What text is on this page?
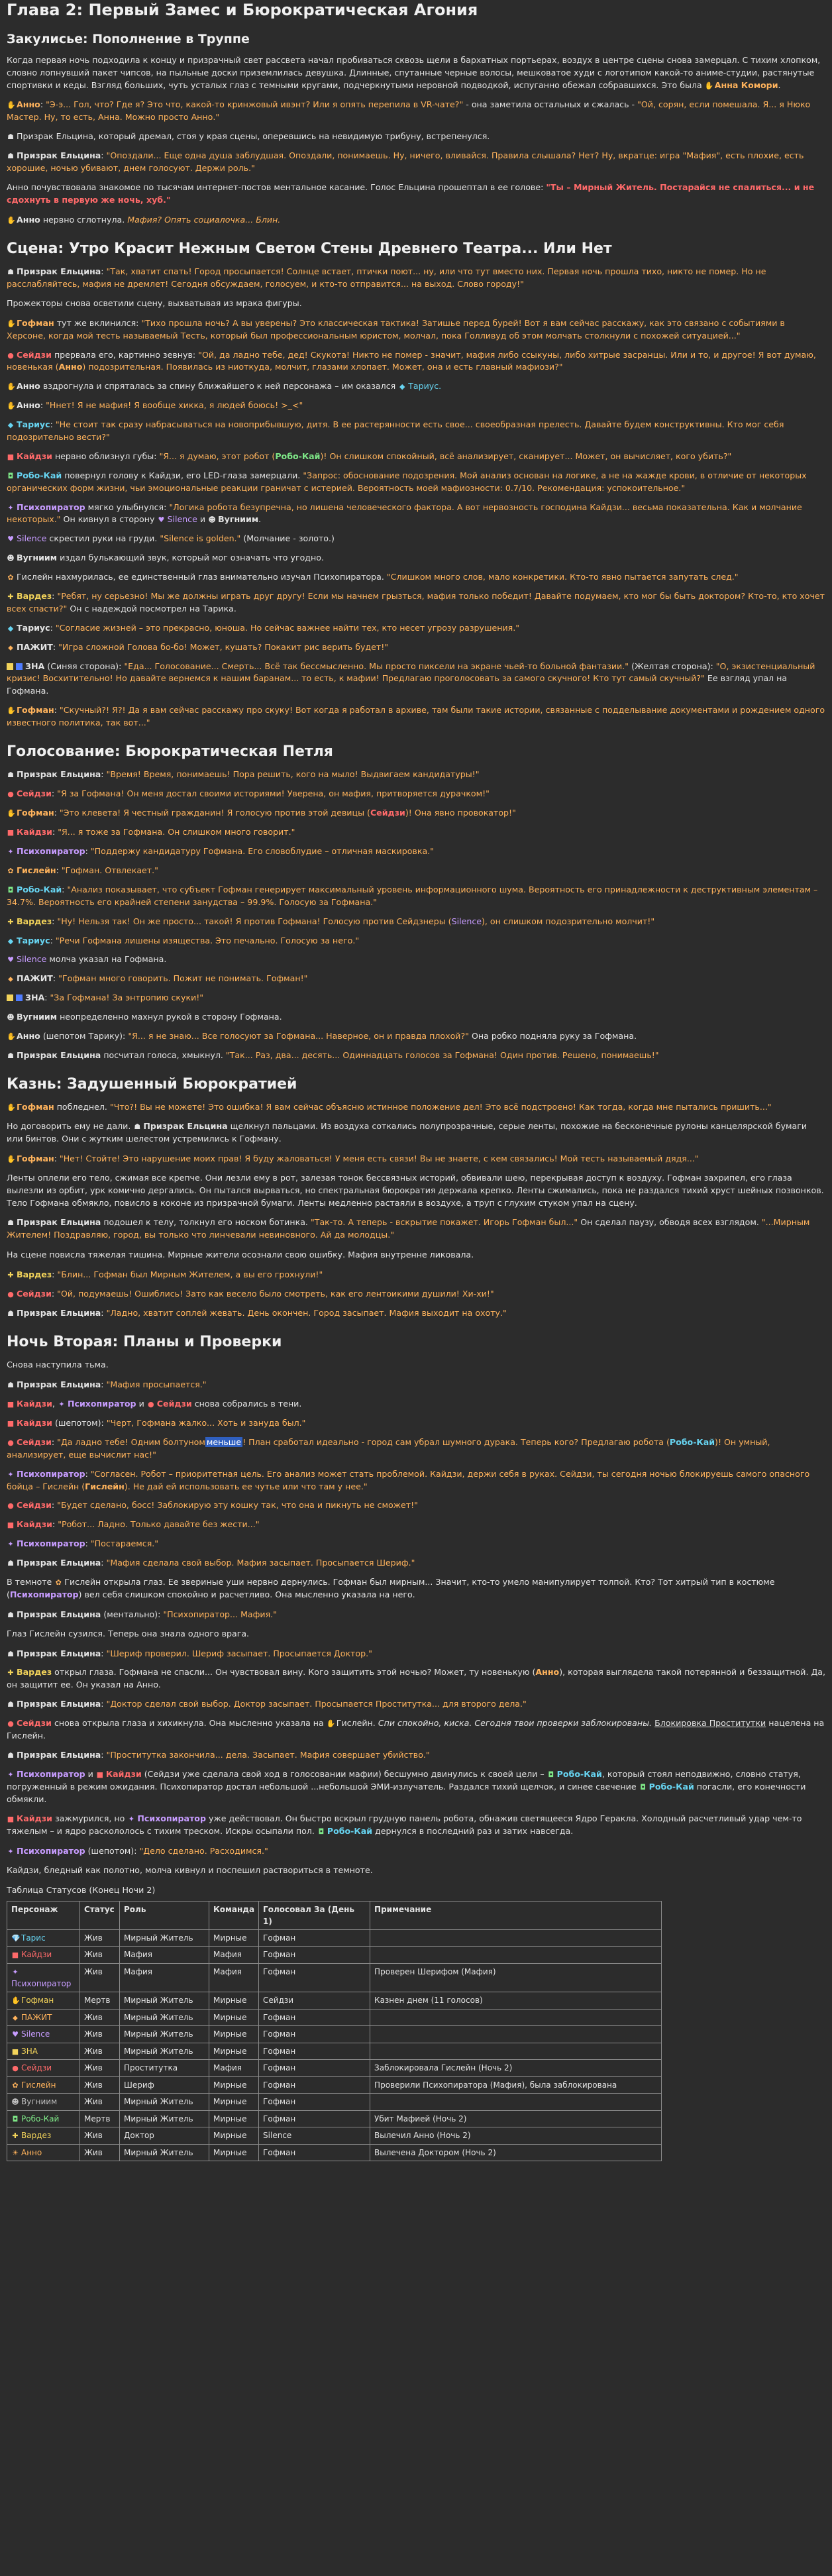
Глава 2: Первый Замес и Бюрократическая Агония
Закулисье: Пополнение в Труппе

Когда первая ночь подходила к концу и призрачный свет рассвета начал пробиваться сквозь щели в бархатных портьерах, воздух в центре сцены снова замерцал. С тихим хлопком, словно лопнувший пакет чипсов, на пыльные доски приземлилась девушка. Длинные, спутанные черные волосы, мешковатое худи с логотипом какой-то аниме-студии, растянутые спортивки и кеды. Взгляд больших, чуть усталых глаз с темными кругами, подчеркнутыми неровной подводкой, испуганно обежал собравшихся. Это была ✋Анна Комори.

✋Анно: "Э-э... Гол, что? Где я? Это что, какой-то кринжовый ивэнт? Или я опять перепила в VR-чате?" - она заметила остальных и сжалась - "Ой, сорян, если помешала. Я... я Нюко Мастер. Ну, то есть, Анна. Можно просто Анно."

☗ Призрак Ельцина, который дремал, стоя у края сцены, оперевшись на невидимую трибуну, встрепенулся.

☗ Призрак Ельцина: "Опоздали... Еще одна душа заблудшая. Опоздали, понимаешь. Ну, ничего, вливайся. Правила слышала? Нет? Ну, вкратце: игра "Мафия", есть плохие, есть хорошие, ночью убивают, днем голосуют. Держи роль."

Анно почувствовала знакомое по тысячам интернет-постов ментальное касание. Голос Ельцина прошептал в ее голове: "Ты – Мирный Житель. Постарайся не спалиться... и не сдохнуть в первую же ночь, хуб."

✋Анно нервно сглотнула. Мафия? Опять социалочка... Блин.

Сцена: Утро Красит Нежным Светом Стены Древнего Театра... Или Нет

☗ Призрак Ельцина: "Так, хватит спать! Город просыпается! Солнце встает, птички поют... ну, или что тут вместо них. Первая ночь прошла тихо, никто не помер. Но не расслабляйтесь, мафия не дремлет! Сегодня обсуждаем, голосуем, и кто-то отправится... на выход. Слово городу!"

Прожекторы снова осветили сцену, выхватывая из мрака фигуры.

✋Гофман тут же вклинился: "Тихо прошла ночь? А вы уверены? Это классическая тактика! Затишье перед бурей! Вот я вам сейчас расскажу, как это связано с событиями в Херсоне, когда мой тесть называемый Тесть, который был профессиональным юристом, молчал, пока Голливуд об этом молчать столкнули с похожей ситуацией..."

● Сейдзи прервала его, картинно зевнув: "Ой, да ладно тебе, дед! Скукота! Никто не помер - значит, мафия либо ссыкуны, либо хитрые засранцы. Или и то, и другое! Я вот думаю, новенькая (Анно) подозрительная. Появилась из ниоткуда, молчит, глазами хлопает. Может, она и есть главный мафиози?"

✋Анно вздрогнула и спряталась за спину ближайшего к ней персонажа – им оказался ◆ Тариус.

✋Анно: "Ннет! Я не мафия! Я вообще хикка, я людей боюсь! >_<"

◆ Тариус: "Не стоит так сразу набрасываться на новоприбывшую, дитя. В ее растерянности есть свое... своеобразная прелесть. Давайте будем конструктивны. Кто мог себя подозрительно вести?"

■ Кайдзи нервно облизнул губы: "Я... я думаю, этот робот (Робо-Кай)! Он слишком спокойный, всё анализирует, сканирует... Может, он вычисляет, кого убить?"

◘ Робо-Кай повернул голову к Кайдзи, его LED-глаза замерцали. "Запрос: обоснование подозрения. Мой анализ основан на логике, а не на жажде крови, в отличие от некоторых органических форм жизни, чьи эмоциональные реакции граничат с истерией. Вероятность моей мафиозности: 0.7/10. Рекомендация: успокоительное."

✦ Психопиратор мягко улыбнулся: "Логика робота безупречна, но лишена человеческого фактора. А вот нервозность господина Кайдзи... весьма показательна. Как и молчание некоторых." Он кивнул в сторону ♥ Silence и ☻ Вугниим.

♥ Silence скрестил руки на груди. "Silence is golden." (Молчание - золото.)

☻ Вугниим издал булькающий звук, который мог означать что угодно.

✿ Гислейн нахмурилась, ее единственный глаз внимательно изучал Психопиратора. "Слишком много слов, мало конкретики. Кто-то явно пытается запутать след."

✚ Вардез: "Ребят, ну серьезно! Мы же должны играть друг другу! Если мы начнем грызться, мафия только победит! Давайте подумаем, кто мог бы быть доктором? Кто-то, кто хочет всех спасти?" Он с надеждой посмотрел на Тарика.

◆ Тариус: "Согласие жизней – это прекрасно, юноша. Но сейчас важнее найти тех, кто несет угрозу разрушения."

⬥ ПАЖИТ: "Игра сложной Голова бо-бо! Может, кушать? Покакит рис верить будет!"

ЗНА (Синяя сторона): "Еда... Голосование... Смерть... Всё так бессмысленно. Мы просто пиксели на экране чьей-то больной фантазии." (Желтая сторона): "О, экзистенциальный кризис! Восхитительно! Но давайте вернемся к нашим баранам... то есть, к мафии! Предлагаю проголосовать за самого скучного! Кто тут самый скучный?" Ее взгляд упал на Гофмана.

✋Гофман: "Скучный?! Я?! Да я вам сейчас расскажу про скуку! Вот когда я работал в архиве, там были такие истории, связанные с подделывание документами и рождением одного известного политика, так вот..."

Голосование: Бюрократическая Петля

☗ Призрак Ельцина: "Время! Время, понимаешь! Пора решить, кого на мыло! Выдвигаем кандидатуры!"

● Сейдзи: "Я за Гофмана! Он меня достал своими историями! Уверена, он мафия, притворяется дурачком!"

✋Гофман: "Это клевета! Я честный гражданин! Я голосую против этой девицы (Сейдзи)! Она явно провокатор!"

■ Кайдзи: "Я... я тоже за Гофмана. Он слишком много говорит."

✦ Психопиратор: "Поддержу кандидатуру Гофмана. Его словоблудие – отличная маскировка."

✿ Гислейн: "Гофман. Отвлекает."

◘ Робо-Кай: "Анализ показывает, что субъект Гофман генерирует максимальный уровень информационного шума. Вероятность его принадлежности к деструктивным элементам – 34.7%. Вероятность его крайней степени занудства – 99.9%. Голосую за Гофмана."

✚ Вардез: "Ну! Нельзя так! Он же просто... такой! Я против Гофмана! Голосую против Сейдзнеры (Silence), он слишком подозрительно молчит!"

◆ Тариус: "Речи Гофмана лишены изящества. Это печально. Голосую за него."

♥ Silence молча указал на Гофмана.

⬥ ПАЖИТ: "Гофман много говорить. Пожит не понимать. Гофман!"

ЗНА: "За Гофмана! За энтропию скуки!"

☻ Вугниим неопределенно махнул рукой в сторону Гофмана.

✋Анно (шепотом Тарику): "Я... я не знаю... Все голосуют за Гофмана... Наверное, он и правда плохой?" Она робко подняла руку за Гофмана.

☗ Призрак Ельцина посчитал голоса, хмыкнул. "Так... Раз, два... десять... Одиннадцать голосов за Гофмана! Один против. Решено, понимаешь!"

Казнь: Задушенный Бюрократией

✋Гофман побледнел. "Что?! Вы не можете! Это ошибка! Я вам сейчас объясню истинное положение дел! Это всё подстроено! Как тогда, когда мне пытались пришить..."

Но договорить ему не дали. ☗ Призрак Ельцина щелкнул пальцами. Из воздуха соткались полупрозрачные, серые ленты, похожие на бесконечные рулоны канцелярской бумаги или бинтов. Они с жутким шелестом устремились к Гофману.

✋Гофман: "Нет! Стойте! Это нарушение моих прав! Я буду жаловаться! У меня есть связи! Вы не знаете, с кем связались! Мой тесть называемый дядя..."

Ленты оплели его тело, сжимая все крепче. Они лезли ему в рот, залезая тонок бессвязных историй, обвивали шею, перекрывая доступ к воздуху. Гофман захрипел, его глаза вылезли из орбит, урк комично дергались. Он пытался вырваться, но спектральная бюрократия держала крепко. Ленты сжимались, пока не раздался тихий хруст шейных позвонков. Тело Гофмана обмякло, повисло в коконе из призрачной бумаги. Ленты медленно растаяли в воздухе, а труп с глухим стуком упал на сцену.

☗ Призрак Ельцина подошел к телу, толкнул его носком ботинка. "Так-то. А теперь - вскрытие покажет. Игорь Гофман был..." Он сделал паузу, обводя всех взглядом. "...Мирным Жителем! Поздравляю, город, вы только что линчевали невиновного. Ай да молодцы."

На сцене повисла тяжелая тишина. Мирные жители осознали свою ошибку. Мафия внутренне ликовала.

✚ Вардез: "Блин... Гофман был Мирным Жителем, а вы его грохнули!"

● Сейдзи: "Ой, подумаешь! Ошиблись! Зато как весело было смотреть, как его лентоикими душили! Хи-хи!"

☗ Призрак Ельцина: "Ладно, хватит соплей жевать. День окончен. Город засыпает. Мафия выходит на охоту."

Ночь Вторая: Планы и Проверки

Снова наступила тьма.

☗ Призрак Ельцина: "Мафия просыпается."

■ Кайдзи, ✦ Психопиратор и ● Сейдзи снова собрались в тени.

■ Кайдзи (шепотом): "Черт, Гофмана жалко... Хоть и зануда был."

● Сейдзи: "Да ладно тебе! Одним болтуном меньше ! План сработал идеально - город сам убрал шумного дурака. Теперь кого? Предлагаю робота (Робо-Кай)! Он умный, анализирует, еще вычислит нас!"

✦ Психопиратор: "Согласен. Робот – приоритетная цель. Его анализ может стать проблемой. Кайдзи, держи себя в руках. Сейдзи, ты сегодня ночью блокируешь самого опасного бойца – Гислейн (Гислейн). Не дай ей использовать ее чутье или что там у нее."

● Сейдзи: "Будет сделано, босс! Заблокирую эту кошку так, что она и пикнуть не сможет!"

■ Кайдзи: "Робот... Ладно. Только давайте без жести..."

✦ Психопиратор: "Постараемся."

☗ Призрак Ельцина: "Мафия сделала свой выбор. Мафия засыпает. Просыпается Шериф."

В темноте ✿ Гислейн открыла глаз. Ее звериные уши нервно дернулись. Гофман был мирным... Значит, кто-то умело манипулирует толпой. Кто? Тот хитрый тип в костюме (Психопиратор) вел себя слишком спокойно и расчетливо. Она мысленно указала на него.

☗ Призрак Ельцина (ментально): "Психопиратор... Мафия."

Глаз Гислейн сузился. Теперь она знала одного врага.

☗ Призрак Ельцина: "Шериф проверил. Шериф засыпает. Просыпается Доктор."

✚ Вардез открыл глаза. Гофмана не спасли... Он чувствовал вину. Кого защитить этой ночью? Может, ту новенькую (Анно), которая выглядела такой потерянной и беззащитной. Да, он защитит ее. Он указал на Анно.

☗ Призрак Ельцина: "Доктор сделал свой выбор. Доктор засыпает. Просыпается Проститутка... для второго дела."

● Сейдзи снова открыла глаза и хихикнула. Она мысленно указала на ✋Гислейн. Спи спокойно, киска. Сегодня твои проверки заблокированы. Блокировка Проститутки нацелена на Гислейн.

☗ Призрак Ельцина: "Проститутка закончила... дела. Засыпает. Мафия совершает убийство."

✦ Психопиратор и ■ Кайдзи (Сейдзи уже сделала свой ход в голосовании мафии) бесшумно двинулись к своей цели – ◘ Робо-Кай, который стоял неподвижно, словно статуя, погруженный в режим ожидания. Психопиратор достал небольшой ...небольшой ЭМИ-излучатель. Раздался тихий щелчок, и синее свечение ◘ Робо-Кай погасли, его конечности обмякли.

■ Кайдзи зажмурился, но ✦ Психопиратор уже действовал. Он быстро вскрыл грудную панель робота, обнажив светящееся Ядро Геракла. Холодный расчетливый удар чем-то тяжелым – и ядро раскололось с тихим треском. Искры осыпали пол. ◘ Робо-Кай дернулся в последний раз и затих навсегда.

✦ Психопиратор (шепотом): "Дело сделано. Расходимся."

Кайдзи, бледный как полотно, молча кивнул и поспешил раствориться в темноте.

Таблица Статусов (Конец Ночи 2)
Персонаж	Статус	Роль	Команда	Голосовал За (День 1)	Примечание
💎Тарис	Жив	Мирный Житель	Мирные	Гофман	
■ Кайдзи	Жив	Мафия	Мафия	Гофман	
✦Психопиратор	Жив	Мафия	Мафия	Гофман	Проверен Шерифом (Мафия)
✋Гофман	Мертв	Мирный Житель	Мирные	Сейдзи	Казнен днем (11 голосов)
⬥ ПАЖИТ	Жив	Мирный Житель	Мирные	Гофман	
♥ Silence	Жив	Мирный Житель	Мирные	Гофман	
■ ЗНА	Жив	Мирный Житель	Мирные	Гофман	
● Сейдзи	Жив	Проститутка	Мафия	Гофман	Заблокировала Гислейн (Ночь 2)
✿ Гислейн	Жив	Шериф	Мирные	Гофман	Проверили Психопиратора (Мафия), была заблокирована
☻ Вугниим	Жив	Мирный Житель	Мирные	Гофман	
◘ Робо-Кай	Мертв	Мирный Житель	Мирные	Гофман	Убит Мафией (Ночь 2)
✚ Вардез	Жив	Доктор	Мирные	Silence	Вылечил Анно (Ночь 2)
☀ Анно	Жив	Мирный Житель	Мирные	Гофман	Вылечена Доктором (Ночь 2)
